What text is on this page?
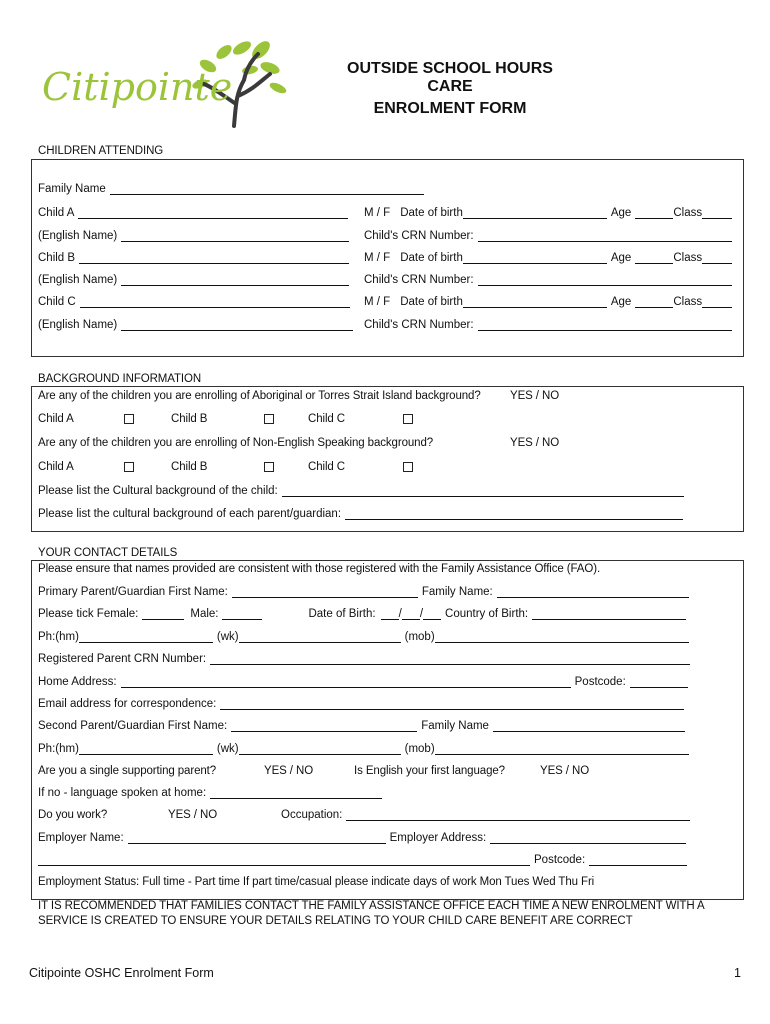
Citipointe	OUTSIDE SCHOOL HOURS CARE
ENROLMENT FORM
CHILDREN ATTENDING
Family Name
Child A	M / F Date of birth	Age	Class
(English Name)	Child's CRN Number:
Child B	M / F Date of birth	Age	Class
(English Name)	Child's CRN Number:
Child C	M / F Date of birth	Age	Class
(English Name)	Child's CRN Number:
BACKGROUND INFORMATION
Are any of the children you are enrolling of Aboriginal or Torres Strait Island background?	YES / NO
Child A	Child B	Child C
Are any of the children you are enrolling of Non-English Speaking background?	YES / NO
Child A	Child B	Child C
Please list the Cultural background of the child:
Please list the cultural background of each parent/guardian:
YOUR CONTACT DETAILS
Please ensure that names provided are consistent with those registered with the Family Assistance Office (FAO).
Primary Parent/Guardian First Name:	Family Name:
Please tick Female:	Male:	Date of Birth: / / Country of Birth:
Ph:(hm)	(wk)	(mob)
Registered Parent CRN Number:
Home Address:	Postcode:
Email address for correspondence:
Second Parent/Guardian First Name:	Family Name
Ph:(hm)	(wk)	(mob)
Are you a single supporting parent?	YES / NO	Is English your first language?	YES / NO
If no - language spoken at home:
Do you work?	YES / NO	Occupation:
Employer Name:	Employer Address:
Postcode:
Employment Status: Full time - Part time If part time/casual please indicate days of work Mon Tues Wed Thu Fri
IT IS RECOMMENDED THAT FAMILIES CONTACT THE FAMILY ASSISTANCE OFFICE EACH TIME A NEW ENROLMENT WITH A
SERVICE IS CREATED TO ENSURE YOUR DETAILS RELATING TO YOUR CHILD CARE BENEFIT ARE CORRECT
Citipointe OSHC Enrolment Form	1
